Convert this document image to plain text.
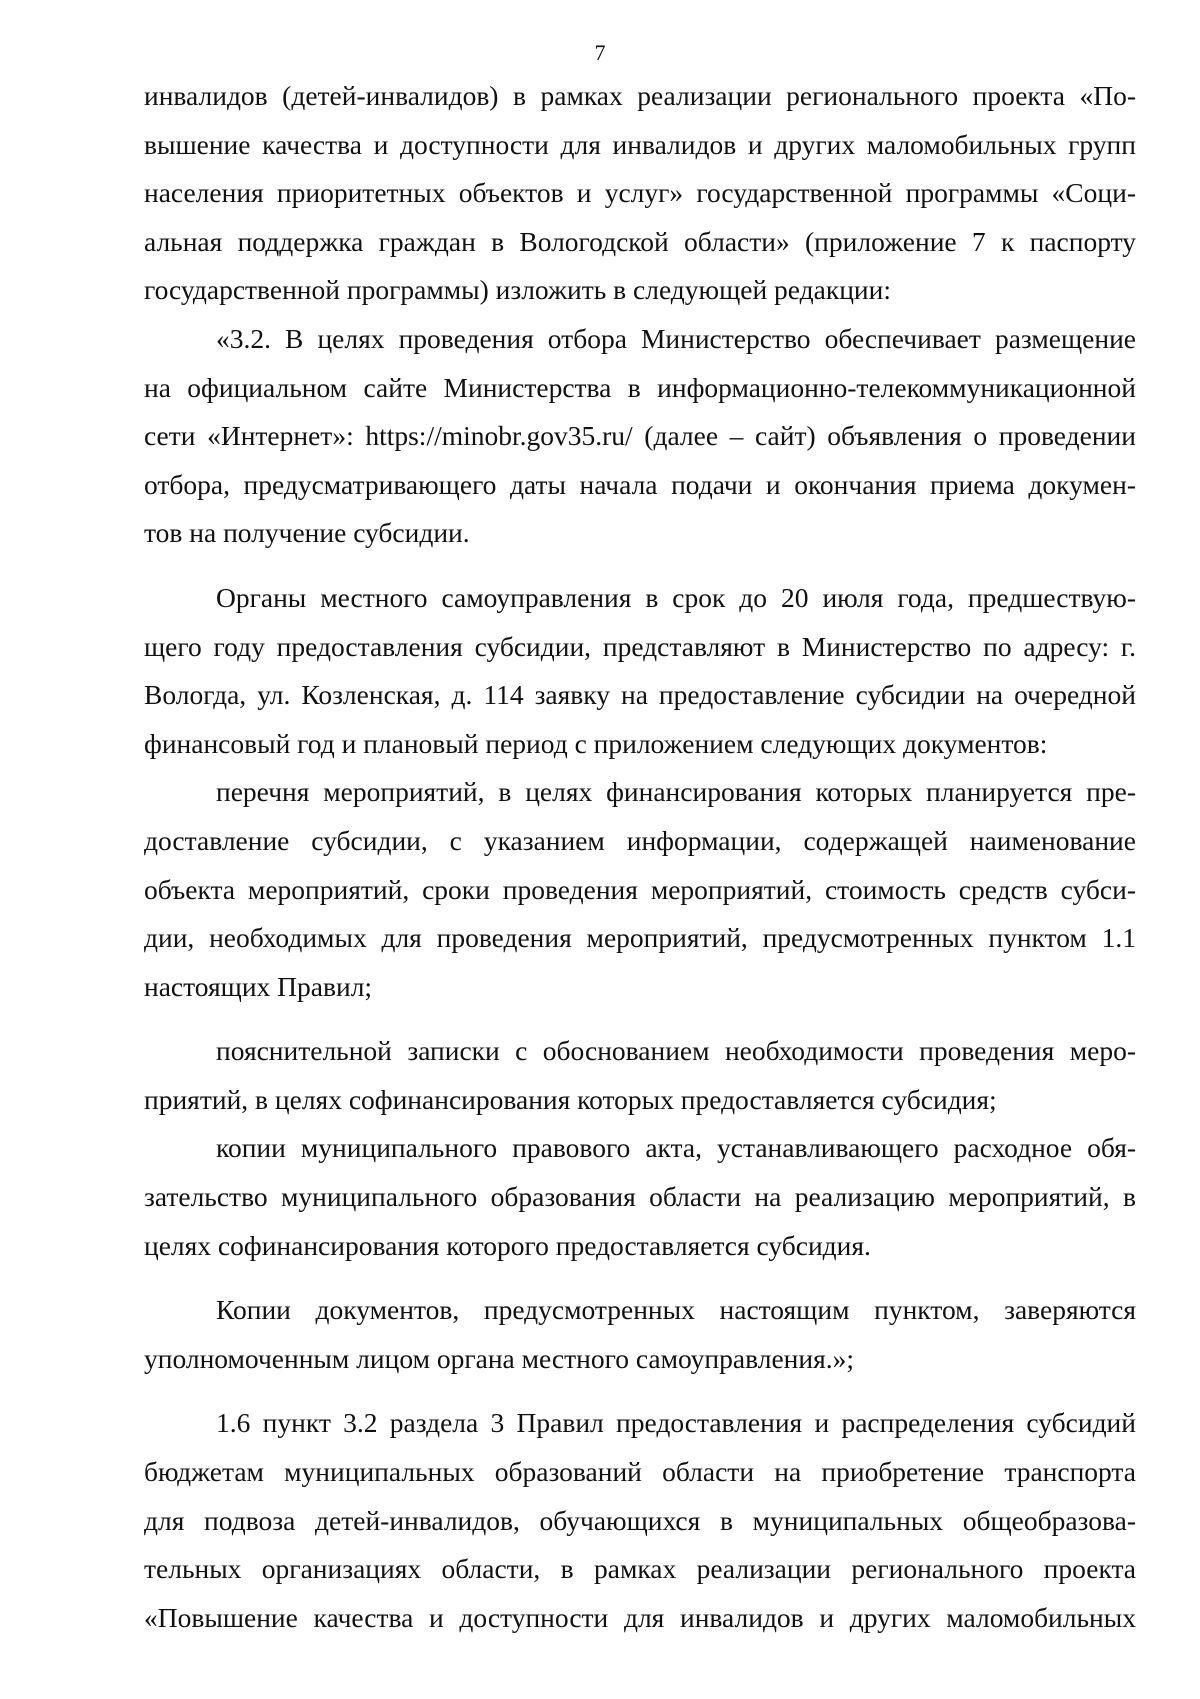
7
инвалидов (детей-инвалидов) в рамках реализации регионального проекта «По-
вышение качества и доступности для инвалидов и других маломобильных групп
населения приоритетных объектов и услуг» государственной программы «Соци-
альная поддержка граждан в Вологодской области» (приложение 7 к паспорту
государственной программы) изложить в следующей редакции:
«3.2. В целях проведения отбора Министерство обеспечивает размещение
на официальном сайте Министерства в информационно-телекоммуникационной
сети «Интернет»: https://minobr.gov35.ru/ (далее – сайт) объявления о проведении
отбора, предусматривающего даты начала подачи и окончания приема докумен-
тов на получение субсидии.
Органы местного самоуправления в срок до 20 июля года, предшествую-
щего году предоставления субсидии, представляют в Министерство по адресу: г.
Вологда, ул. Козленская, д. 114 заявку на предоставление субсидии на очередной
финансовый год и плановый период с приложением следующих документов:
перечня мероприятий, в целях финансирования которых планируется пре-
доставление субсидии, с указанием информации, содержащей наименование
объекта мероприятий, сроки проведения мероприятий, стоимость средств субси-
дии, необходимых для проведения мероприятий, предусмотренных пунктом 1.1
настоящих Правил;
пояснительной записки с обоснованием необходимости проведения меро-
приятий, в целях софинансирования которых предоставляется субсидия;
копии муниципального правового акта, устанавливающего расходное обя-
зательство муниципального образования области на реализацию мероприятий, в
целях софинансирования которого предоставляется субсидия.
Копии документов, предусмотренных настоящим пунктом, заверяются
уполномоченным лицом органа местного самоуправления.»;
1.6 пункт 3.2 раздела 3 Правил предоставления и распределения субсидий
бюджетам муниципальных образований области на приобретение транспорта
для подвоза детей-инвалидов, обучающихся в муниципальных общеобразова-
тельных организациях области, в рамках реализации регионального проекта
«Повышение качества и доступности для инвалидов и других маломобильных
